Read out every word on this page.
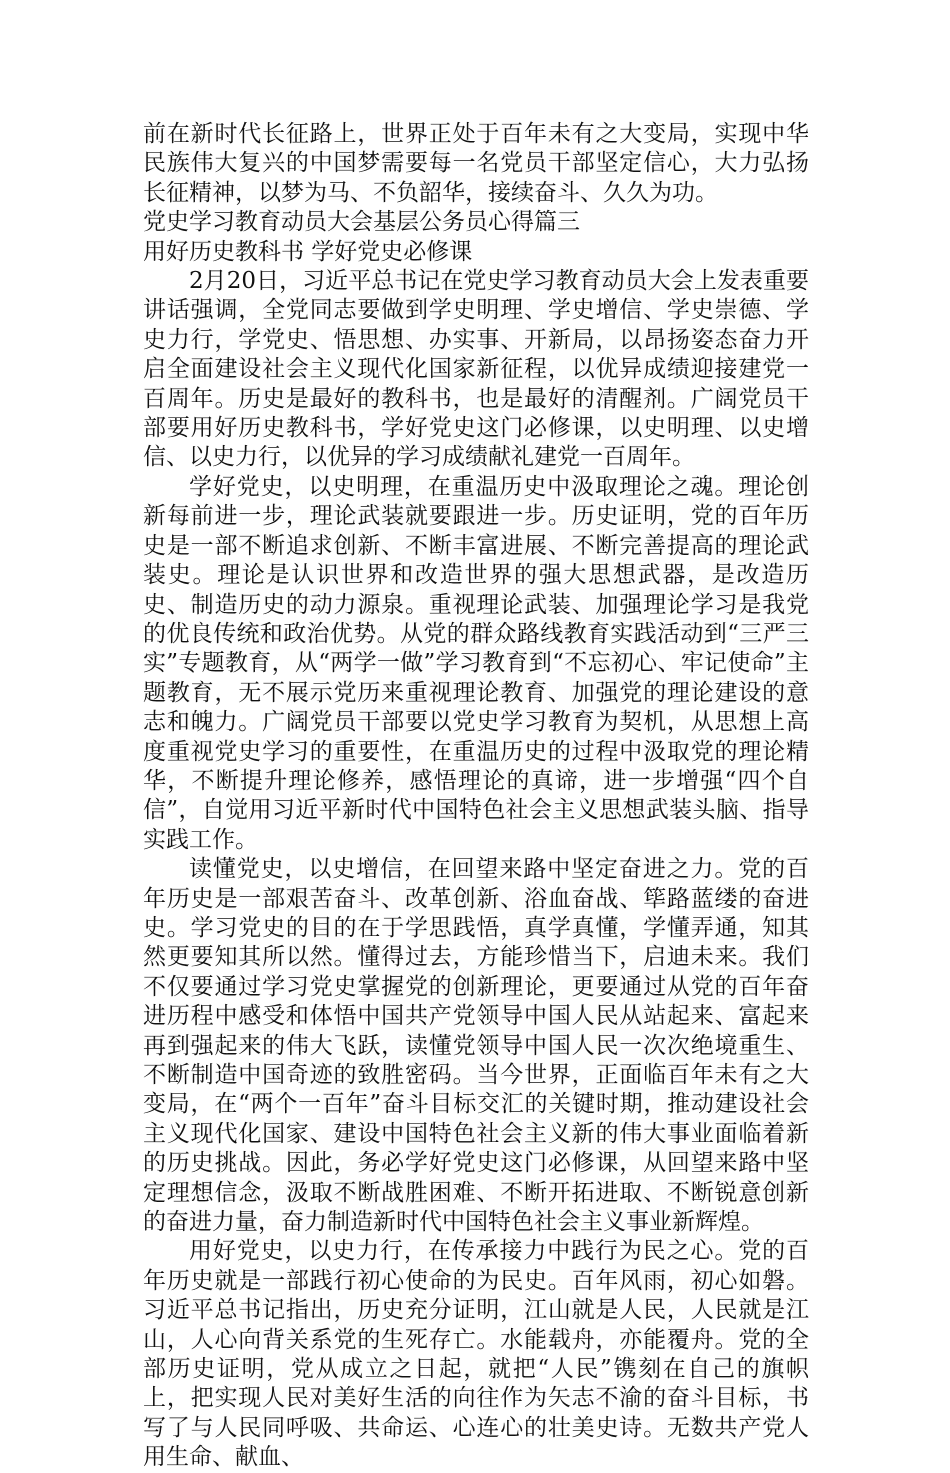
前在新时代长征路上，世界正处于百年未有之大变局，实现中华民族伟大复兴的中国梦需要每一名党员干部坚定信心，大力弘扬长征精神，以梦为马、不负韶华，接续奋斗、久久为功。

党史学习教育动员大会基层公务员心得篇三

用好历史教科书 学好党史必修课

2月20日，习近平总书记在党史学习教育动员大会上发表重要讲话强调，全党同志要做到学史明理、学史增信、学史崇德、学史力行，学党史、悟思想、办实事、开新局，以昂扬姿态奋力开启全面建设社会主义现代化国家新征程，以优异成绩迎接建党一百周年。历史是最好的教科书，也是最好的清醒剂。广阔党员干部要用好历史教科书，学好党史这门必修课，以史明理、以史增信、以史力行，以优异的学习成绩献礼建党一百周年。

学好党史，以史明理，在重温历史中汲取理论之魂。理论创新每前进一步，理论武装就要跟进一步。历史证明，党的百年历史是一部不断追求创新、不断丰富进展、不断完善提高的理论武装史。理论是认识世界和改造世界的强大思想武器，是改造历史、制造历史的动力源泉。重视理论武装、加强理论学习是我党的优良传统和政治优势。从党的群众路线教育实践活动到“三严三实”专题教育，从“两学一做”学习教育到“不忘初心、牢记使命”主题教育，无不展示党历来重视理论教育、加强党的理论建设的意志和魄力。广阔党员干部要以党史学习教育为契机，从思想上高度重视党史学习的重要性，在重温历史的过程中汲取党的理论精华，不断提升理论修养，感悟理论的真谛，进一步增强“四个自信”，自觉用习近平新时代中国特色社会主义思想武装头脑、指导实践工作。

读懂党史，以史增信，在回望来路中坚定奋进之力。党的百年历史是一部艰苦奋斗、改革创新、浴血奋战、筚路蓝缕的奋进史。学习党史的目的在于学思践悟，真学真懂，学懂弄通，知其然更要知其所以然。懂得过去，方能珍惜当下，启迪未来。我们不仅要通过学习党史掌握党的创新理论，更要通过从党的百年奋进历程中感受和体悟中国共产党领导中国人民从站起来、富起来再到强起来的伟大飞跃，读懂党领导中国人民一次次绝境重生、不断制造中国奇迹的致胜密码。当今世界，正面临百年未有之大变局，在“两个一百年”奋斗目标交汇的关键时期，推动建设社会主义现代化国家、建设中国特色社会主义新的伟大事业面临着新的历史挑战。因此，务必学好党史这门必修课，从回望来路中坚定理想信念，汲取不断战胜困难、不断开拓进取、不断锐意创新的奋进力量，奋力制造新时代中国特色社会主义事业新辉煌。

用好党史，以史力行，在传承接力中践行为民之心。党的百年历史就是一部践行初心使命的为民史。百年风雨，初心如磐。习近平总书记指出，历史充分证明，江山就是人民，人民就是江山，人心向背关系党的生死存亡。水能载舟，亦能覆舟。党的全部历史证明，党从成立之日起，就把“人民”镌刻在自己的旗帜上，把实现人民对美好生活的向往作为矢志不渝的奋斗目标，书写了与人民同呼吸、共命运、心连心的壮美史诗。无数共产党人用生命、献血、
